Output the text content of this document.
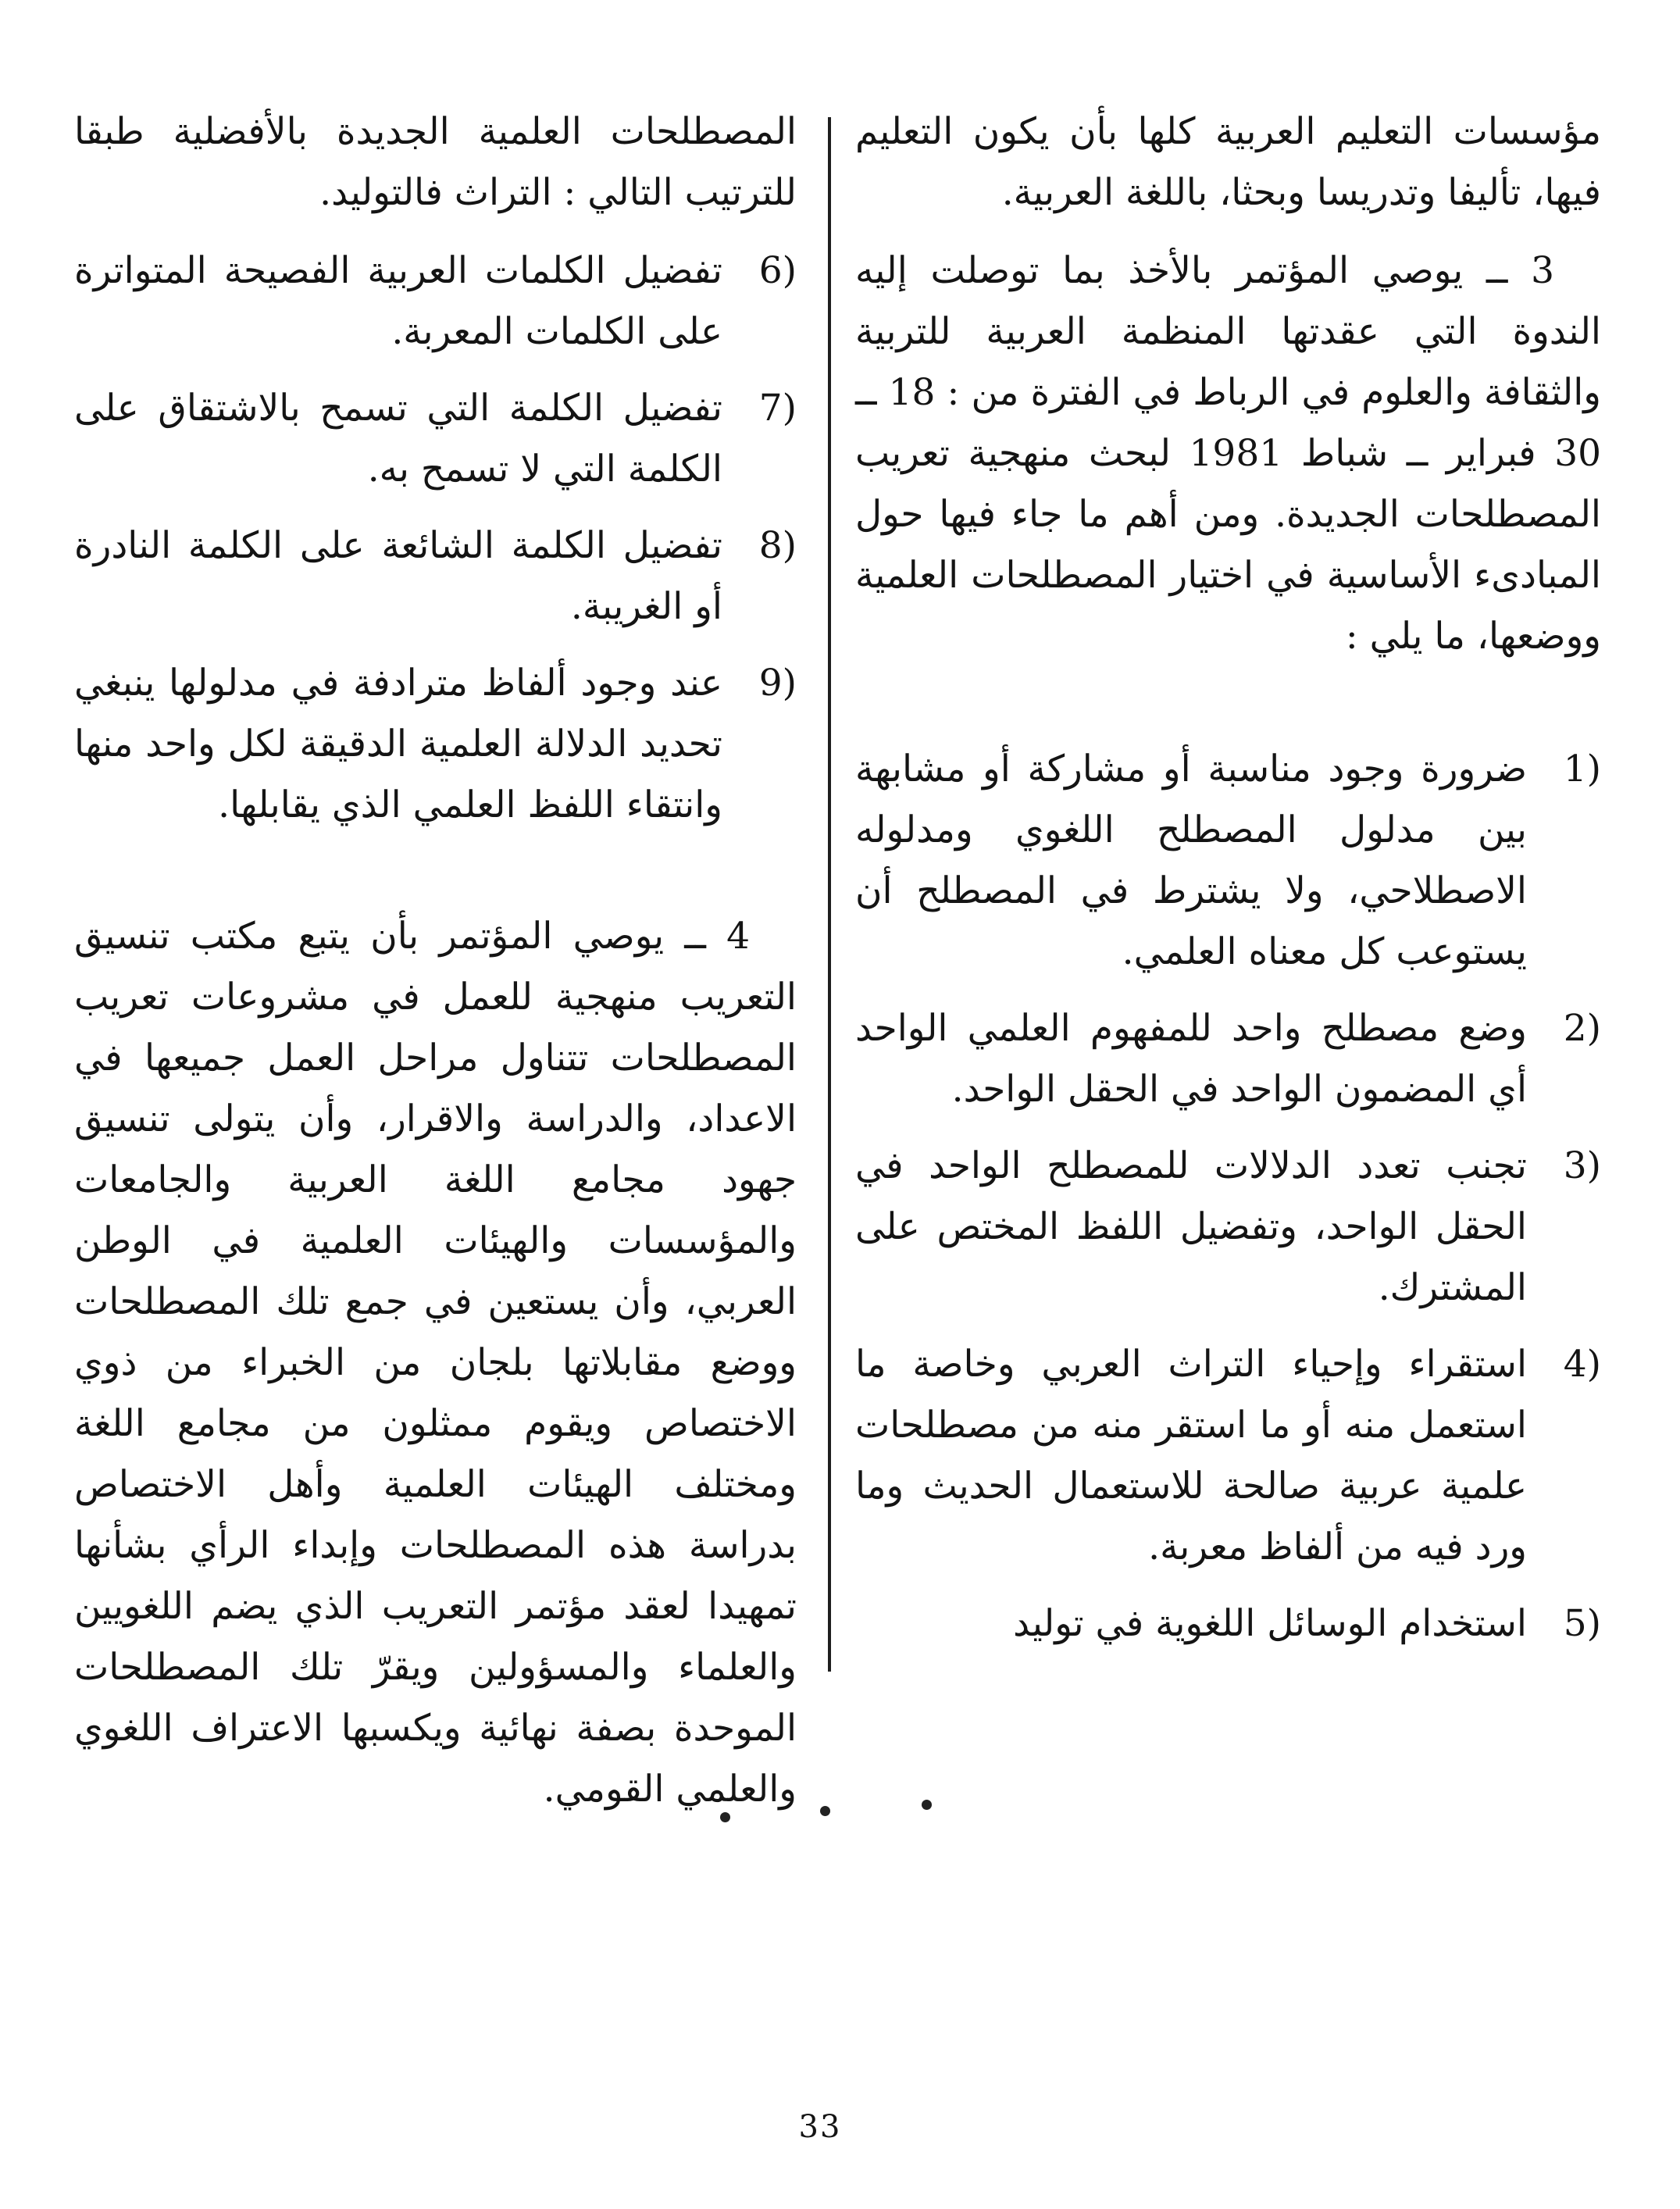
مؤسسات التعليم العربية كلها بأن يكون التعليم فيها، تأليفا وتدريسا وبحثا، باللغة العربية.

3 ــ يوصي المؤتمر بالأخذ بما توصلت إليه الندوة التي عقدتها المنظمة العربية للتربية والثقافة والعلوم في الرباط في الفترة من : 18 ــ 30 فبراير ــ شباط 1981 لبحث منهجية تعريب المصطلحات الجديدة. ومن أهم ما جاء فيها حول المبادىء الأساسية في اختيار المصطلحات العلمية ووضعها، ما يلي :

1)
ضرورة وجود مناسبة أو مشاركة أو مشابهة بين مدلول المصطلح اللغوي ومدلوله الاصطلاحي، ولا يشترط في المصطلح أن يستوعب كل معناه العلمي.
2)
وضع مصطلح واحد للمفهوم العلمي الواحد أي المضمون الواحد في الحقل الواحد.
3)
تجنب تعدد الدلالات للمصطلح الواحد في الحقل الواحد، وتفضيل اللفظ المختص على المشترك.
4)
استقراء وإحياء التراث العربي وخاصة ما استعمل منه أو ما استقر منه من مصطلحات علمية عربية صالحة للاستعمال الحديث وما ورد فيه من ألفاظ معربة.
5)
استخدام الوسائل اللغوية في توليد

المصطلحات العلمية الجديدة بالأفضلية طبقا للترتيب التالي : التراث فالتوليد.

6)
تفضيل الكلمات العربية الفصيحة المتواترة على الكلمات المعربة.
7)
تفضيل الكلمة التي تسمح بالاشتقاق على الكلمة التي لا تسمح به.
8)
تفضيل الكلمة الشائعة على الكلمة النادرة أو الغريبة.
9)
عند وجود ألفاظ مترادفة في مدلولها ينبغي تحديد الدلالة العلمية الدقيقة لكل واحد منها وانتقاء اللفظ العلمي الذي يقابلها.

4 ــ يوصي المؤتمر بأن يتبع مكتب تنسيق التعريب منهجية للعمل في مشروعات تعريب المصطلحات تتناول مراحل العمل جميعها في الاعداد، والدراسة والاقرار، وأن يتولى تنسيق جهود مجامع اللغة العربية والجامعات والمؤسسات والهيئات العلمية في الوطن العربي، وأن يستعين في جمع تلك المصطلحات ووضع مقابلاتها بلجان من الخبراء من ذوي الاختصاص ويقوم ممثلون من مجامع اللغة ومختلف الهيئات العلمية وأهل الاختصاص بدراسة هذه المصطلحات وإبداء الرأي بشأنها تمهيدا لعقد مؤتمر التعريب الذي يضم اللغويين والعلماء والمسؤولين ويقرّ تلك المصطلحات الموحدة بصفة نهائية ويكسبها الاعتراف اللغوي والعلمي القومي.

33
